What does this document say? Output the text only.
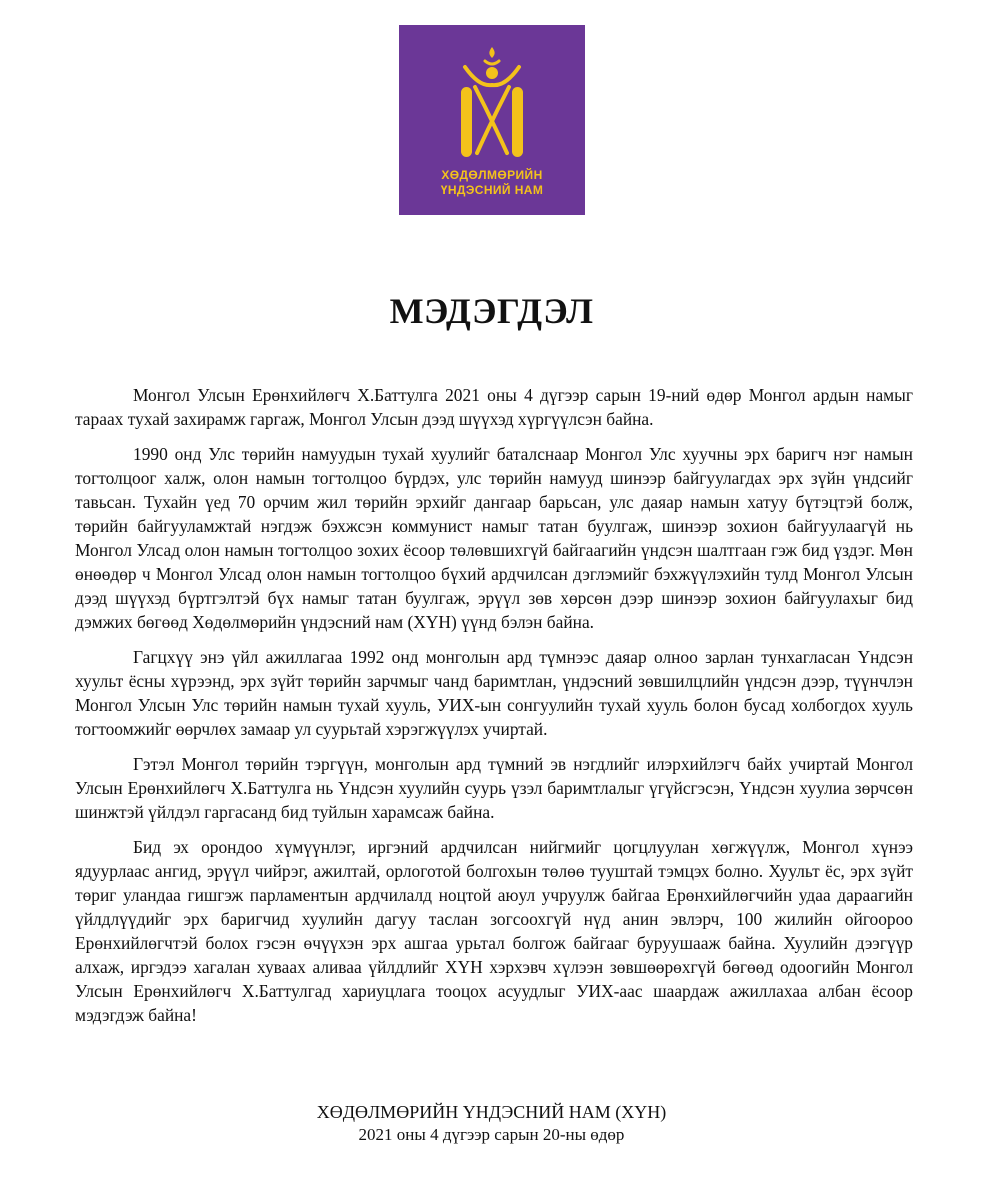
ХӨДӨЛМӨРИЙН
ҮНДЭСНИЙ НАМ
МЭДЭГДЭЛ

Монгол Улсын Ерөнхийлөгч Х.Баттулга 2021 оны 4 дүгээр сарын 19-ний өдөр Монгол ардын намыг тараах тухай захирамж гаргаж, Монгол Улсын дээд шүүхэд хүргүүлсэн байна.

1990 онд Улс төрийн намуудын тухай хуулийг баталснаар Монгол Улс хуучны эрх баригч нэг намын тогтолцоог халж, олон намын тогтолцоо бүрдэх, улс төрийн намууд шинээр байгуулагдах эрх зүйн үндсийг тавьсан. Тухайн үед 70 орчим жил төрийн эрхийг дангаар барьсан, улс даяар намын хатуу бүтэцтэй болж, төрийн байгууламжтай нэгдэж бэхжсэн коммунист намыг татан буулгаж, шинээр зохион байгуулаагүй нь Монгол Улсад олон намын тогтолцоо зохих ёсоор төлөвшихгүй байгаагийн үндсэн шалтгаан гэж бид үздэг. Мөн өнөөдөр ч Монгол Улсад олон намын тогтолцоо бүхий ардчилсан дэглэмийг бэхжүүлэхийн тулд Монгол Улсын дээд шүүхэд бүртгэлтэй бүх намыг татан буулгаж, эрүүл зөв хөрсөн дээр шинээр зохион байгуулахыг бид дэмжих бөгөөд Хөдөлмөрийн үндэсний нам (ХҮН) үүнд бэлэн байна.

Гагцхүү энэ үйл ажиллагаа 1992 онд монголын ард түмнээс даяар олноо зарлан тунхагласан Үндсэн хуульт ёсны хүрээнд, эрх зүйт төрийн зарчмыг чанд баримтлан, үндэсний зөвшилцлийн үндсэн дээр, түүнчлэн Монгол Улсын Улс төрийн намын тухай хууль, УИХ-ын сонгуулийн тухай хууль болон бусад холбогдох хууль тогтоомжийг өөрчлөх замаар ул суурьтай хэрэгжүүлэх учиртай.

Гэтэл Монгол төрийн тэргүүн, монголын ард түмний эв нэгдлийг илэрхийлэгч байх учиртай Монгол Улсын Ерөнхийлөгч Х.Баттулга нь Үндсэн хуулийн суурь үзэл баримтлалыг үгүйсгэсэн, Үндсэн хуулиа зөрчсөн шинжтэй үйлдэл гаргасанд бид туйлын харамсаж байна.

Бид эх орондоо хүмүүнлэг, иргэний ардчилсан нийгмийг цогцлуулан хөгжүүлж, Монгол хүнээ ядуурлаас ангид, эрүүл чийрэг, ажилтай, орлоготой болгохын төлөө тууштай тэмцэх болно. Хуульт ёс, эрх зүйт төриг уландаа гишгэж парламентын ардчилалд ноцтой аюул учруулж байгаа Ерөнхийлөгчийн удаа дараагийн үйлдлүүдийг эрх баригчид хуулийн дагуу таслан зогсоохгүй нүд анин эвлэрч, 100 жилийн ойгоороо Ерөнхийлөгчтэй болох гэсэн өчүүхэн эрх ашгаа урьтал болгож байгааг буруушааж байна. Хуулийн дээгүүр алхаж, иргэдээ хагалан хуваах аливаа үйлдлийг ХҮН хэрхэвч хүлээн зөвшөөрөхгүй бөгөөд одоогийн Монгол Улсын Ерөнхийлөгч Х.Баттулгад хариуцлага тооцох асуудлыг УИХ-аас шаардаж ажиллахаа албан ёсоор мэдэгдэж байна!

ХӨДӨЛМӨРИЙН ҮНДЭСНИЙ НАМ (ХҮН)
2021 оны 4 дүгээр сарын 20-ны өдөр
